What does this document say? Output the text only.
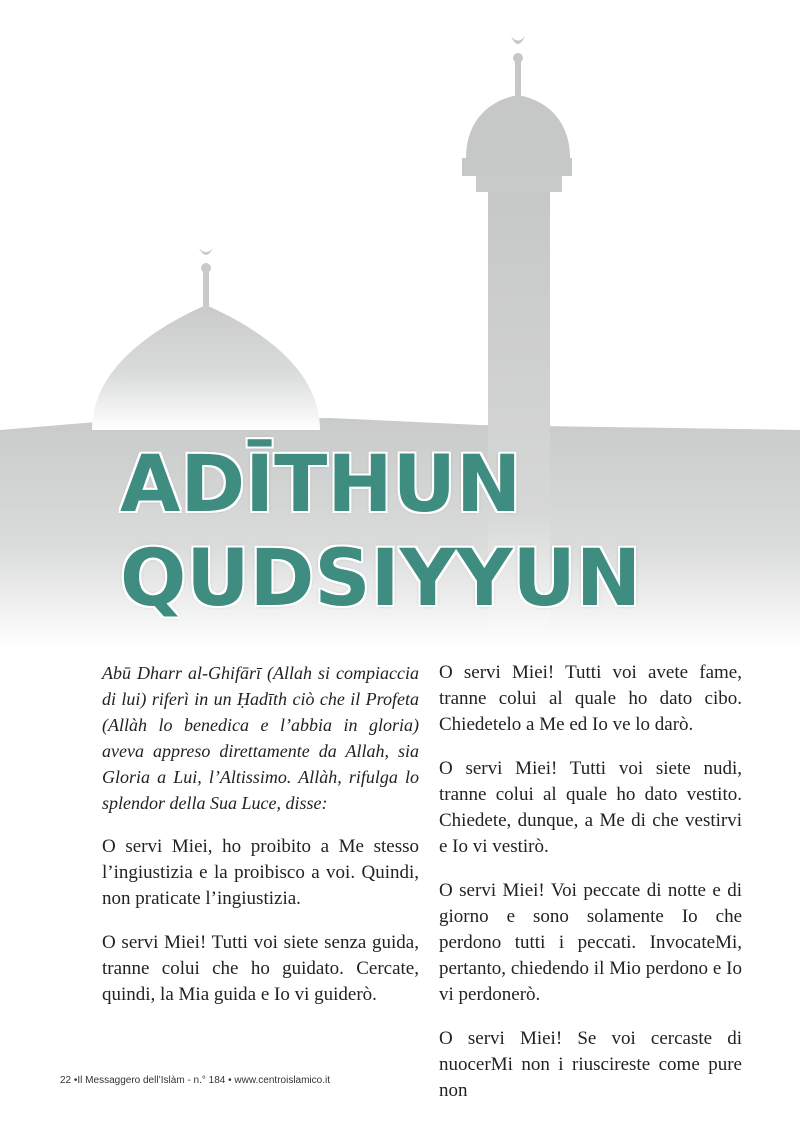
ADĪTHUN
QUDSIYYUN

Abū Dharr al-Ghifārī (Allah si compiaccia di lui) riferì in un Ḥadīth ciò che il Profeta (Allàh lo benedica e l’abbia in gloria) aveva appreso direttamente da Allah, sia Gloria a Lui, l’Altissimo. Allàh, rifulga lo splendor della Sua Luce, disse:

O servi Miei, ho proibito a Me stesso l’ingiustizia e la proibisco a voi. Quindi, non praticate l’ingiustizia.

O servi Miei! Tutti voi siete senza guida, tranne colui che ho guidato. Cercate, quindi, la Mia guida e Io vi guiderò.

O servi Miei! Tutti voi avete fame, tranne colui al quale ho dato cibo. Chiedetelo a Me ed Io ve lo darò.

O servi Miei! Tutti voi siete nudi, tranne colui al quale ho dato vestito. Chiedete, dunque, a Me di che vestirvi e Io vi vestirò.

O servi Miei! Voi peccate di notte e di giorno e sono solamente Io che perdono tutti i peccati. InvocateMi, pertanto, chiedendo il Mio perdono e Io vi perdonerò.

O servi Miei! Se voi cercaste di nuocerMi non i riuscireste come pure non

22 •Il Messaggero dell’Islàm - n.° 184 • www.centroislamico.it
